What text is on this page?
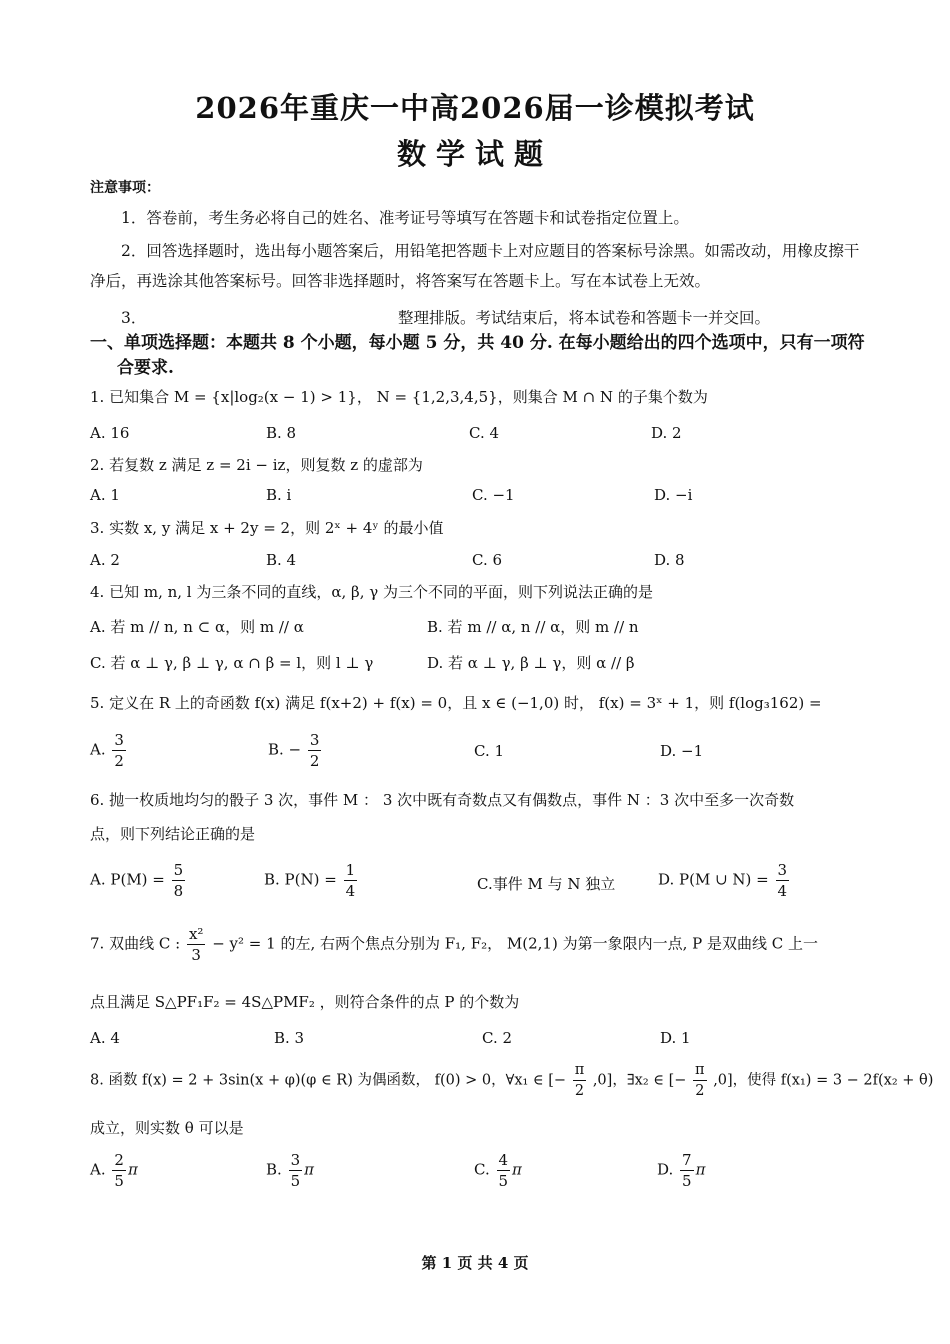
2026年重庆一中高2026届一诊模拟考试
数学试题
注意事项：
1．答卷前，考生务必将自己的姓名、准考证号等填写在答题卡和试卷指定位置上。
2．回答选择题时，选出每小题答案后，用铅笔把答题卡上对应题目的答案标号涂黑。如需改动，用橡皮擦干净后，再选涂其他答案标号。回答非选择题时，将答案写在答题卡上。写在本试卷上无效。
3．	整理排版。考试结束后，将本试卷和答题卡一并交回。
一、单项选择题：本题共 8 个小题，每小题 5 分，共 40 分. 在每小题给出的四个选项中，只有一项符合要求.
1. 已知集合 M = {x|log₂(x − 1) > 1}， N = {1,2,3,4,5}，则集合 M ∩ N 的子集个数为
A. 16	B. 8	C. 4	D. 2
2. 若复数 z 满足 z = 2i − iz，则复数 z 的虚部为
A. 1	B. i	C. −1	D. −i
3. 实数 x, y 满足 x + 2y = 2，则 2ˣ + 4ʸ 的最小值
A. 2	B. 4	C. 6	D. 8
4. 已知 m, n, l 为三条不同的直线，α, β, γ 为三个不同的平面，则下列说法正确的是
A. 若 m // n, n ⊂ α，则 m // α	B. 若 m // α, n // α，则 m // n
C. 若 α ⊥ γ, β ⊥ γ, α ∩ β = l，则 l ⊥ γ	D. 若 α ⊥ γ, β ⊥ γ，则 α // β
5. 定义在 R 上的奇函数 f(x) 满足 f(x+2) + f(x) = 0，且 x ∈ (−1,0) 时， f(x) = 3ˣ + 1，则 f(log₃162) =
A. $\frac{3}{2}$	B. − $\frac{3}{2}$	C. 1	D. −1
6. 抛一枚质地均匀的骰子 3 次，事件 M ： 3 次中既有奇数点又有偶数点，事件 N ：3 次中至多一次奇数
点，则下列结论正确的是
A. $P(M) = \frac{5}{8}$	B. $P(N) = \frac{1}{4}$	C.事件 M 与 N 独立	D. P(M ∪ $N) = \frac{3}{4}$
7. 双曲线 C : $\frac{\text{x²}}{3} - y^2 = 1$ 的左, 右两个焦点分别为 F₁, F₂， M(2,1) 为第一象限内一点, P 是双曲线 C 上一
点且满足 S△PF₁F₂ = 4S△PMF₂ ，则符合条件的点 P 的个数为
A. 4	B. 3	C. 2	D. 1
8. 函数 f(x) = 2 + 3sin(x + φ)(φ ∈ R) 为偶函数， f(0) > 0，∀x₁ ∈ [− $\frac{\pi}{2} ,0$]，∃x₂ ∈ [− $\frac{\pi}{2} ,0$]，使得 f(x₁) = 3 − 2f(x₂ + θ)
成立，则实数 θ 可以是
A. $\frac{2}{5}$ π	B. $\frac{3}{5}$ π	C. $\frac{4}{5}$ π	D. $\frac{7}{5}$ π
第 1 页 共 4 页
